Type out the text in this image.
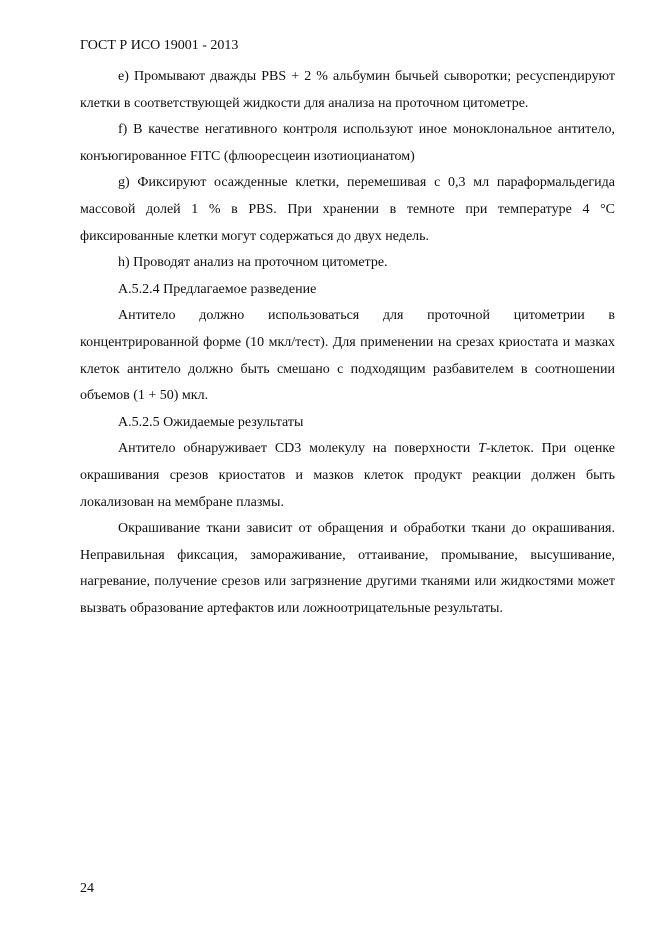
ГОСТ Р ИСО 19001 - 2013

e) Промывают дважды PBS + 2 % альбумин бычьей сыворотки; ресуспендируют клетки в соответствующей жидкости для анализа на проточном цитометре.

f) В качестве негативного контроля используют иное моноклональное антитело, конъюгированное FITC (флюоресцеин изотиоцианатом)

g) Фиксируют осажденные клетки, перемешивая с 0,3 мл параформальдегида массовой долей 1 % в PBS. При хранении в темноте при температуре 4 °C фиксированные клетки могут содержаться до двух недель.

h) Проводят анализ на проточном цитометре.

А.5.2.4 Предлагаемое разведение

Антитело должно использоваться для проточной цитометрии в концентрированной форме (10 мкл/тест). Для применении на срезах криостата и мазках клеток антитело должно быть смешано с подходящим разбавителем в соотношении объемов (1 + 50) мкл.

А.5.2.5 Ожидаемые результаты

Антитело обнаруживает CD3 молекулу на поверхности T-клеток. При оценке окрашивания срезов криостатов и мазков клеток продукт реакции должен быть локализован на мембране плазмы.

Окрашивание ткани зависит от обращения и обработки ткани до окрашивания. Неправильная фиксация, замораживание, оттаивание, промывание, высушивание, нагревание, получение срезов или загрязнение другими тканями или жидкостями может вызвать образование артефактов или ложноотрицательные результаты.

24
